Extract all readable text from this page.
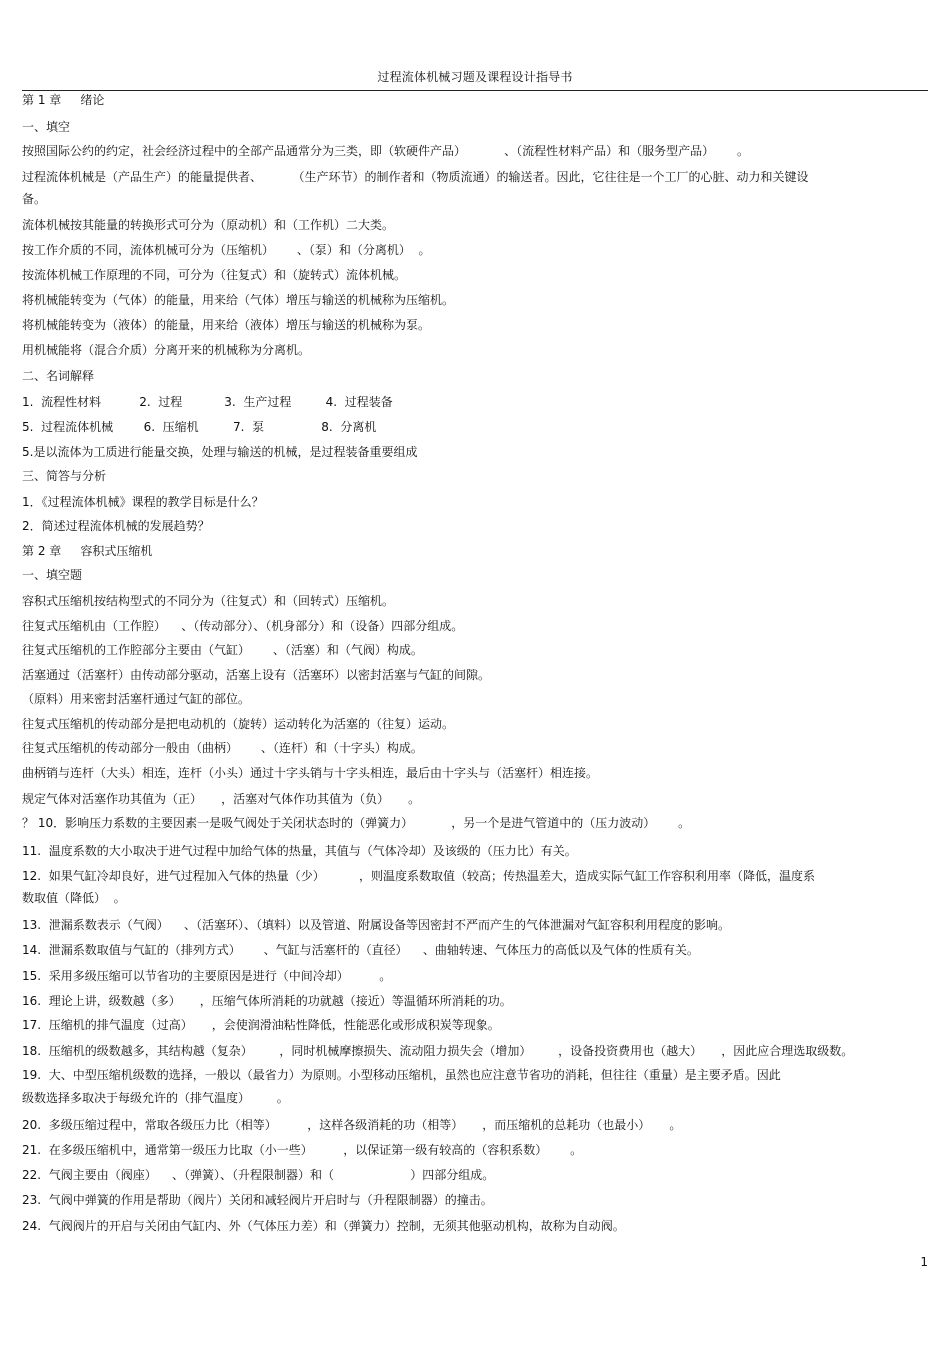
过程流体机械习题及课程设计指导书
第 1 章     绪论
一、填空
按照国际公约的约定，社会经济过程中的全部产品通常分为三类，即（软硬件产品）          、（流程性材料产品）和（服务型产品）      。
过程流体机械是（产品生产）的能量提供者、        （生产环节）的制作者和（物质流通）的输送者。因此，它往往是一个工厂的心脏、动力和关键设
备。
流体机械按其能量的转换形式可分为（原动机）和（工作机）二大类。
按工作介质的不同，流体机械可分为（压缩机）      、（泵）和（分离机）  。
按流体机械工作原理的不同，可分为（往复式）和（旋转式）流体机械。
将机械能转变为（气体）的能量，用来给（气体）增压与输送的机械称为压缩机。
将机械能转变为（液体）的能量，用来给（液体）增压与输送的机械称为泵。
用机械能将（混合介质）分离开来的机械称为分离机。
二、名词解释
1.  流程性材料          2.  过程           3.  生产过程         4.  过程装备
5.  过程流体机械        6.  压缩机         7.  泵               8.  分离机
5.是以流体为工质进行能量交换，处理与输送的机械，是过程装备重要组成
三、简答与分析
1．《过程流体机械》课程的教学目标是什么？
2．简述过程流体机械的发展趋势？
第 2 章     容积式压缩机
一、填空题
容积式压缩机按结构型式的不同分为（往复式）和（回转式）压缩机。
往复式压缩机由（工作腔）    、（传动部分）、（机身部分）和（设备）四部分组成。
往复式压缩机的工作腔部分主要由（气缸）      、（活塞）和（气阀）构成。
活塞通过（活塞杆）由传动部分驱动，活塞上设有（活塞环）以密封活塞与气缸的间隙。
（原料）用来密封活塞杆通过气缸的部位。
往复式压缩机的传动部分是把电动机的（旋转）运动转化为活塞的（往复）运动。
往复式压缩机的传动部分一般由（曲柄）      、（连杆）和（十字头）构成。
曲柄销与连杆（大头）相连，连杆（小头）通过十字头销与十字头相连，最后由十字头与（活塞杆）相连接。
规定气体对活塞作功其值为（正）     ，活塞对气体作功其值为（负）     。
？ 10．影响压力系数的主要因素一是吸气阀处于关闭状态时的（弹簧力）          ，另一个是进气管道中的（压力波动）      。
11.  温度系数的大小取决于进气过程中加给气体的热量，其值与（气体冷却）及该级的（压力比）有关。
12.  如果气缸冷却良好，进气过程加入气体的热量（少）         ，则温度系数取值（较高；传热温差大，造成实际气缸工作容积利用率（降低，温度系
数取值（降低）  。
13.  泄漏系数表示（气阀）    、（活塞环）、（填料）以及管道、附属设备等因密封不严而产生的气体泄漏对气缸容积利用程度的影响。
14.  泄漏系数取值与气缸的（排列方式）      、气缸与活塞杆的（直径）    、曲轴转速、气体压力的高低以及气体的性质有关。
15.  采用多级压缩可以节省功的主要原因是进行（中间冷却）        。
16.  理论上讲，级数越（多）     ，压缩气体所消耗的功就越（接近）等温循环所消耗的功。
17.  压缩机的排气温度（过高）     ，会使润滑油粘性降低，性能恶化或形成积炭等现象。
18.  压缩机的级数越多，其结构越（复杂）       ，同时机械摩擦损失、流动阻力损失会（增加）       ，设备投资费用也（越大）     ，因此应合理选取级数。
19.  大、中型压缩机级数的选择，一般以（最省力）为原则。小型移动压缩机，虽然也应注意节省功的消耗，但往往（重量）是主要矛盾。因此
级数选择多取决于每级允许的（排气温度）       。
20.  多级压缩过程中，常取各级压力比（相等）        ，这样各级消耗的功（相等）     ，而压缩机的总耗功（也最小）     。
21.  在多级压缩机中，通常第一级压力比取（小一些）        ，以保证第一级有较高的（容积系数）      。
22.  气阀主要由（阀座）    、（弹簧）、（升程限制器）和（                    ）四部分组成。
23.  气阀中弹簧的作用是帮助（阀片）关闭和减轻阀片开启时与（升程限制器）的撞击。
24.  气阀阀片的开启与关闭由气缸内、外（气体压力差）和（弹簧力）控制，无须其他驱动机构，故称为自动阀。
1
